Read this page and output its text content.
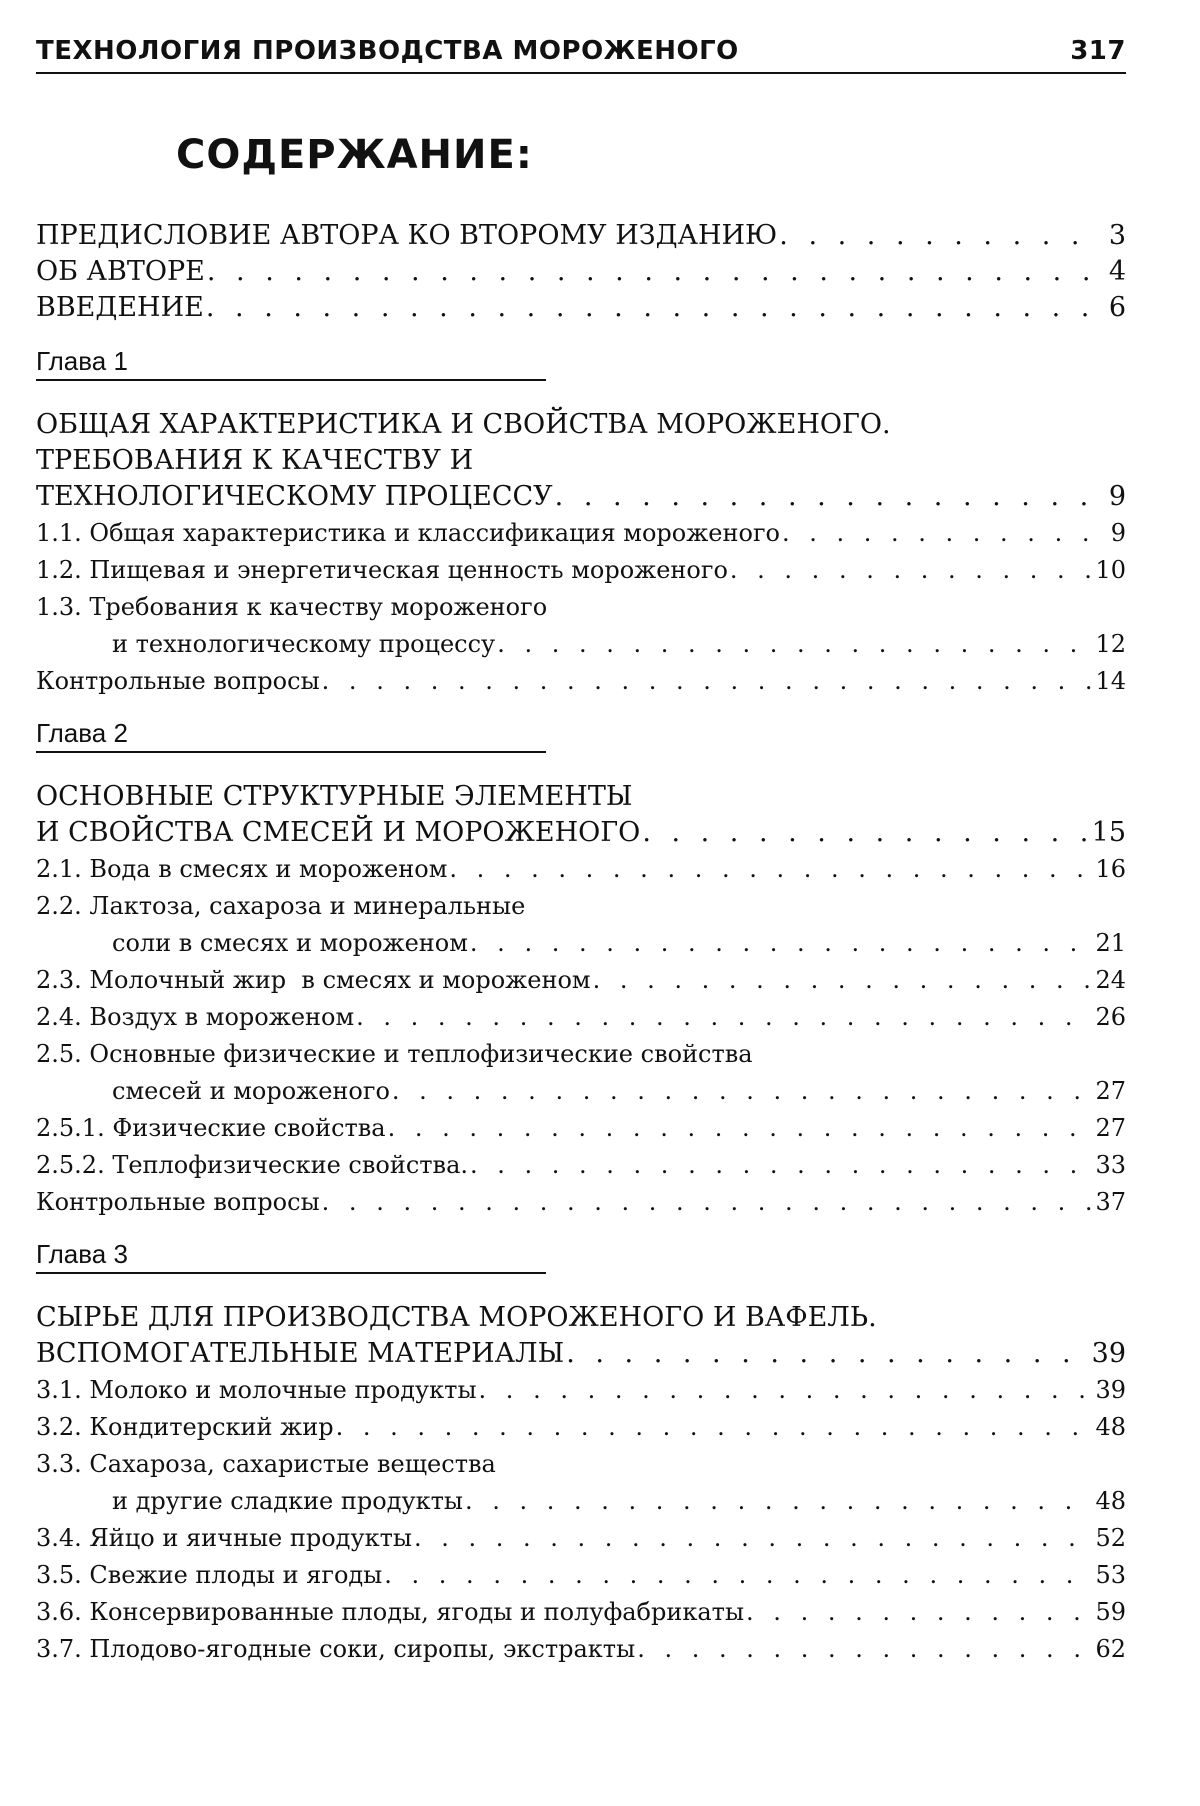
ТЕХНОЛОГИЯ ПРОИЗВОДСТВА МОРОЖЕНОГО	317
СОДЕРЖАНИЕ:
ПРЕДИСЛОВИЕ АВТОРА КО ВТОРОМУ ИЗДАНИЮ . . .	3
ОБ АВТОРЕ . . .	4
ВВЕДЕНИЕ . . .	6
Глава 1
ОБЩАЯ ХАРАКТЕРИСТИКА И СВОЙСТВА МОРОЖЕНОГО.
ТРЕБОВАНИЯ К КАЧЕСТВУ И
ТЕХНОЛОГИЧЕСКОМУ ПРОЦЕССУ . . .	9
1.1. Общая характеристика и классификация мороженого . . .	9
1.2. Пищевая и энергетическая ценность мороженого . . .	10
1.3. Требования к качеству мороженого
и технологическому процессу . . .	12
Контрольные вопросы . . .	14
Глава 2
ОСНОВНЫЕ СТРУКТУРНЫЕ ЭЛЕМЕНТЫ
И СВОЙСТВА СМЕСЕЙ И МОРОЖЕНОГО . . .	15
2.1. Вода в смесях и мороженом . . .	16
2.2. Лактоза, сахароза и минеральные
соли в смесях и мороженом . . .	21
2.3. Молочный жир  в смесях и мороженом . . .	24
2.4. Воздух в мороженом . . .	26
2.5. Основные физические и теплофизические свойства
смесей и мороженого . . .	27
2.5.1. Физические свойства . . .	27
2.5.2. Теплофизические свойства. . . .	33
Контрольные вопросы . . .	37
Глава 3
СЫРЬЕ ДЛЯ ПРОИЗВОДСТВА МОРОЖЕНОГО И ВАФЕЛЬ.
ВСПОМОГАТЕЛЬНЫЕ МАТЕРИАЛЫ . . .	39
3.1. Молоко и молочные продукты . . .	39
3.2. Кондитерский жир . . .	48
3.3. Сахароза, сахаристые вещества
и другие сладкие продукты . . .	48
3.4. Яйцо и яичные продукты . . .	52
3.5. Свежие плоды и ягоды . . .	53
3.6. Консервированные плоды, ягоды и полуфабрикаты . . .	59
3.7. Плодово-ягодные соки, сиропы, экстракты . . .	62
